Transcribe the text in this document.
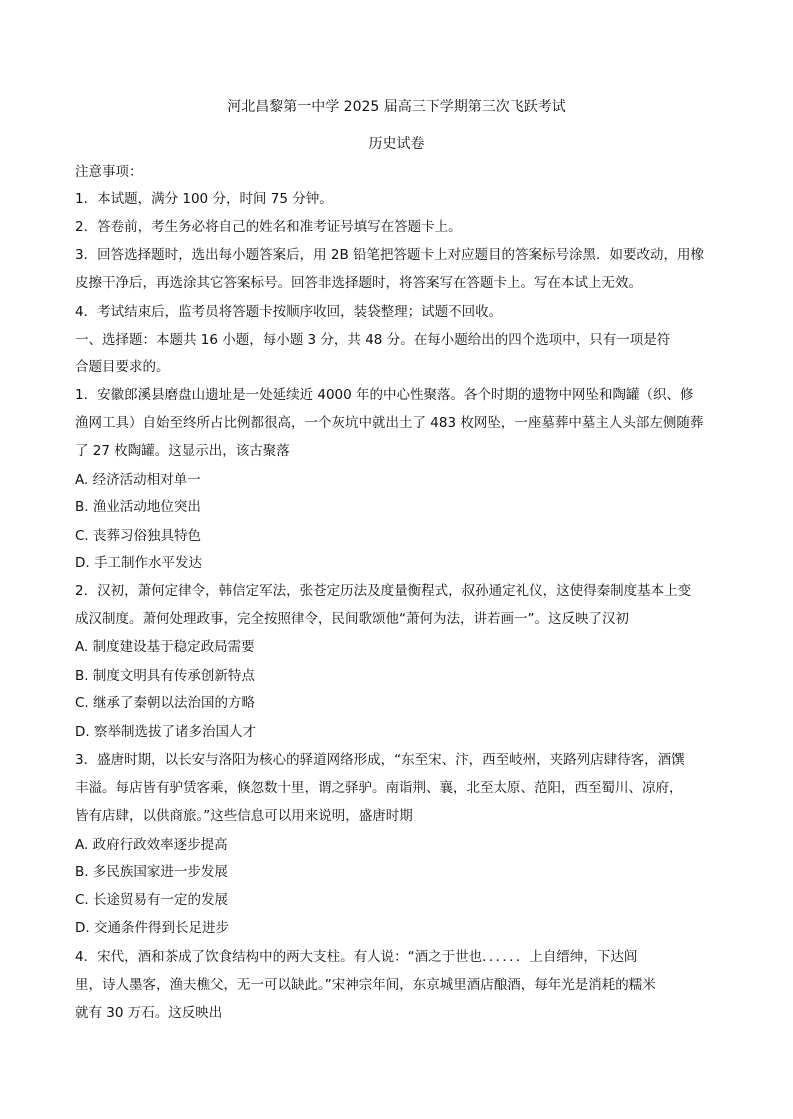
河北昌黎第一中学 2025 届高三下学期第三次飞跃考试
历史试卷
注意事项：
1．本试题，满分 100 分，时间 75 分钟。
2．答卷前，考生务必将自己的姓名和准考证号填写在答题卡上。
3．回答选择题时，选出每小题答案后，用 2B 铅笔把答题卡上对应题目的答案标号涂黑．如要改动，用橡
皮擦干净后，再选涂其它答案标号。回答非选择题时，将答案写在答题卡上。写在本试上无效。
4．考试结束后，监考员将答题卡按顺序收回，装袋整理；试题不回收。
一、选择题：本题共 16 小题，每小题 3 分，共 48 分。在每小题给出的四个选项中，只有一项是符
合题目要求的。
1．安徽郎溪县磨盘山遗址是一处延续近 4000 年的中心性聚落。各个时期的遗物中网坠和陶罐（织、修
渔网工具）自始至终所占比例都很高，一个灰坑中就出土了 483 枚网坠，一座墓葬中墓主人头部左侧随葬
了 27 枚陶罐。这显示出，该古聚落
A. 经济活动相对单一
B. 渔业活动地位突出
C. 丧葬习俗独具特色
D. 手工制作水平发达
2．汉初，萧何定律令，韩信定军法，张苍定历法及度量衡程式，叔孙通定礼仪，这使得秦制度基本上变
成汉制度。萧何处理政事，完全按照律令，民间歌颂他“萧何为法，讲若画一”。这反映了汉初
A. 制度建设基于稳定政局需要
B. 制度文明具有传承创新特点
C. 继承了秦朝以法治国的方略
D. 察举制选拔了诸多治国人才
3．盛唐时期，以长安与洛阳为核心的驿道网络形成，“东至宋、汴，西至岐州，夹路列店肆待客，酒馔
丰溢。每店皆有驴赁客乘，倏忽数十里，谓之驿驴。南诣荆、襄，北至太原、范阳，西至蜀川、凉府，
皆有店肆，以供商旅。”这些信息可以用来说明，盛唐时期
A. 政府行政效率逐步提高
B. 多民族国家进一步发展
C. 长途贸易有一定的发展
D. 交通条件得到长足进步
4．宋代，酒和茶成了饮食结构中的两大支柱。有人说：“酒之于世也．．．．．．上自缙绅，下达闾
里，诗人墨客，渔夫樵父，无一可以缺此。”宋神宗年间，东京城里酒店酿酒，每年光是消耗的糯米
就有 30 万石。这反映出
